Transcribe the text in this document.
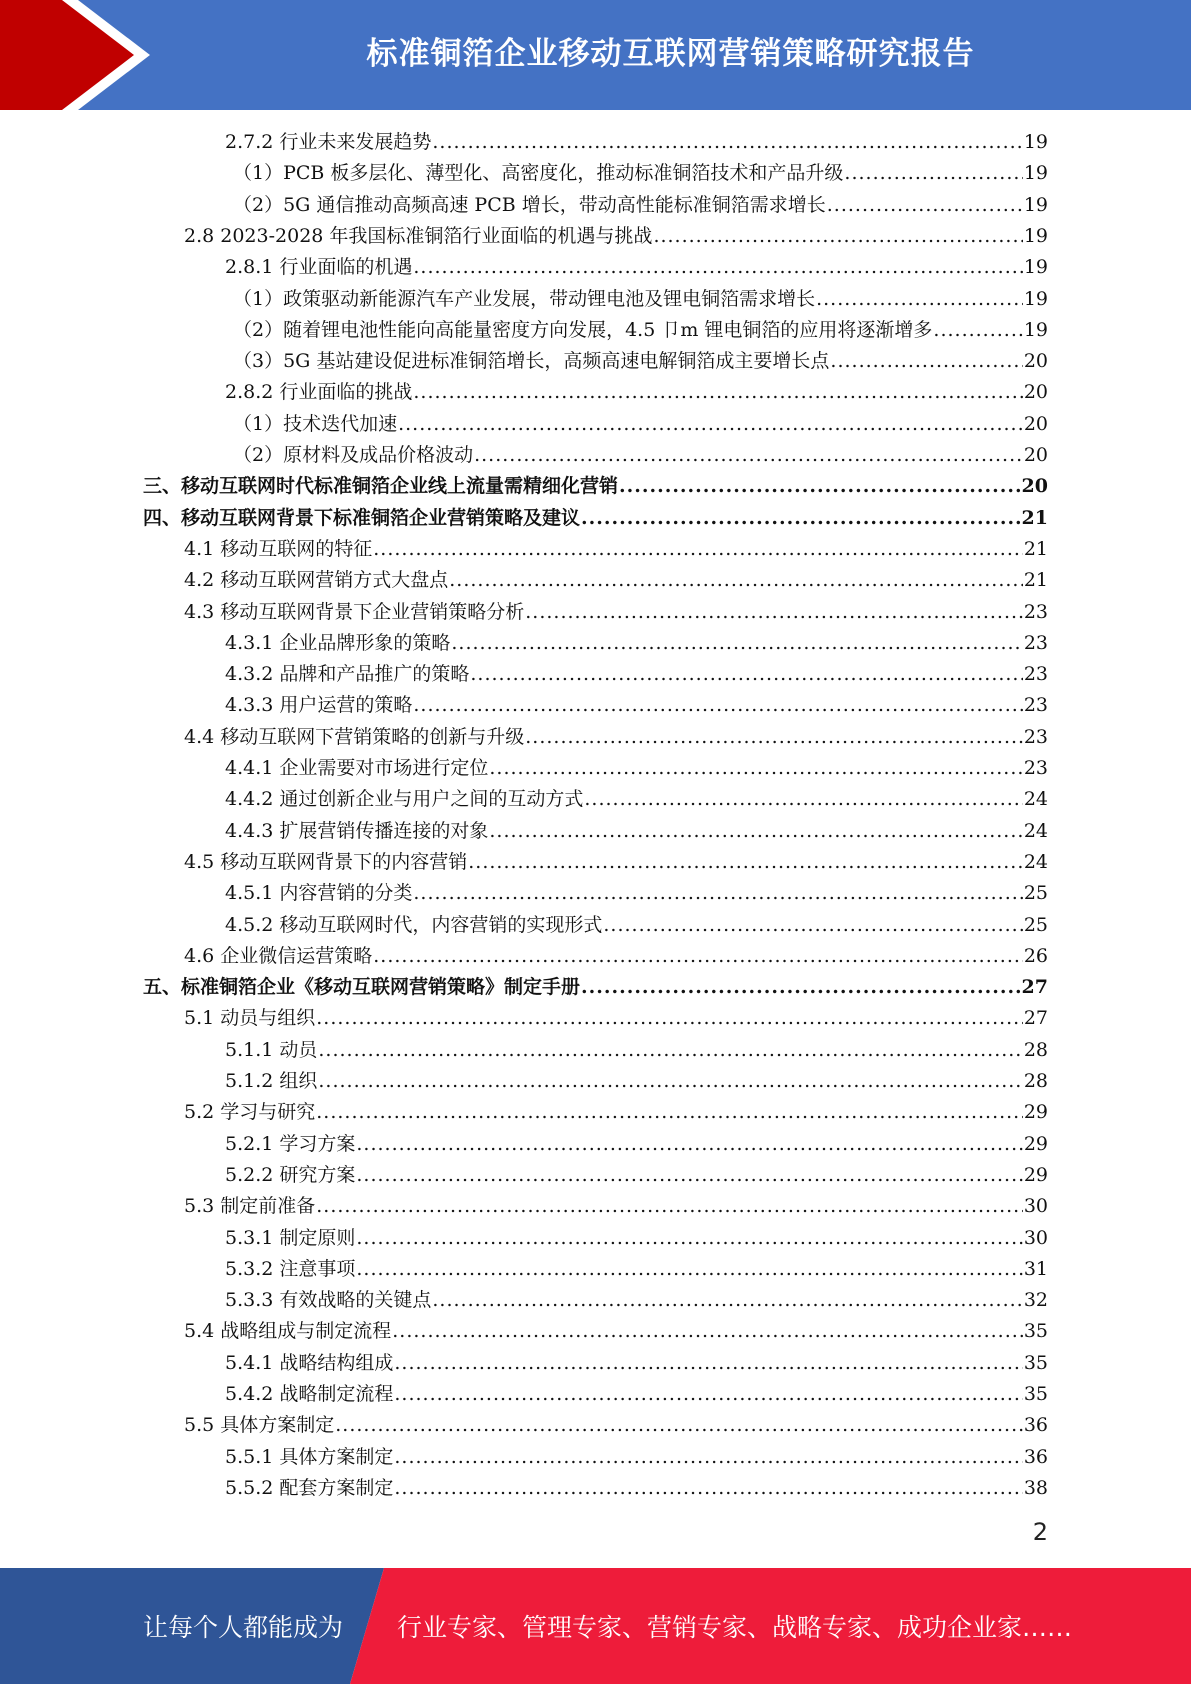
标准铜箔企业移动互联网营销策略研究报告
2.7.2 行业未来发展趋势 .....	19
（1）PCB 板多层化、薄型化、高密度化，推动标准铜箔技术和产品升级 .....	19
（2）5G 通信推动高频高速 PCB 增长，带动高性能标准铜箔需求增长 .....	19
2.8 2023-2028 年我国标准铜箔行业面临的机遇与挑战 .....	19
2.8.1 行业面临的机遇 .....	19
（1）政策驱动新能源汽车产业发展，带动锂电池及锂电铜箔需求增长 .....	19
（2）随着锂电池性能向高能量密度方向发展，4.5 卩m 锂电铜箔的应用将逐渐增多 .....	19
（3）5G 基站建设促进标准铜箔增长，高频高速电解铜箔成主要增长点 .....	20
2.8.2 行业面临的挑战 .....	20
（1）技术迭代加速 .....	20
（2）原材料及成品价格波动 .....	20
三、移动互联网时代标准铜箔企业线上流量需精细化营销 .....	20
四、移动互联网背景下标准铜箔企业营销策略及建议 .....	21
4.1 移动互联网的特征 .....	21
4.2 移动互联网营销方式大盘点 .....	21
4.3 移动互联网背景下企业营销策略分析 .....	23
4.3.1 企业品牌形象的策略 .....	23
4.3.2 品牌和产品推广的策略 .....	23
4.3.3 用户运营的策略 .....	23
4.4 移动互联网下营销策略的创新与升级 .....	23
4.4.1 企业需要对市场进行定位 .....	23
4.4.2 通过创新企业与用户之间的互动方式 .....	24
4.4.3 扩展营销传播连接的对象 .....	24
4.5 移动互联网背景下的内容营销 .....	24
4.5.1 内容营销的分类 .....	25
4.5.2 移动互联网时代，内容营销的实现形式 .....	25
4.6 企业微信运营策略 .....	26
五、标准铜箔企业《移动互联网营销策略》制定手册 .....	27
5.1 动员与组织 .....	27
5.1.1 动员 .....	28
5.1.2 组织 .....	28
5.2 学习与研究 .....	29
5.2.1 学习方案 .....	29
5.2.2 研究方案 .....	29
5.3 制定前准备 .....	30
5.3.1 制定原则 .....	30
5.3.2 注意事项 .....	31
5.3.3 有效战略的关键点 .....	32
5.4 战略组成与制定流程 .....	35
5.4.1 战略结构组成 .....	35
5.4.2 战略制定流程 .....	35
5.5 具体方案制定 .....	36
5.5.1 具体方案制定 .....	36
5.5.2 配套方案制定 .....	38
2
让每个人都能成为 行业专家、管理专家、营销专家、战略专家、成功企业家……
